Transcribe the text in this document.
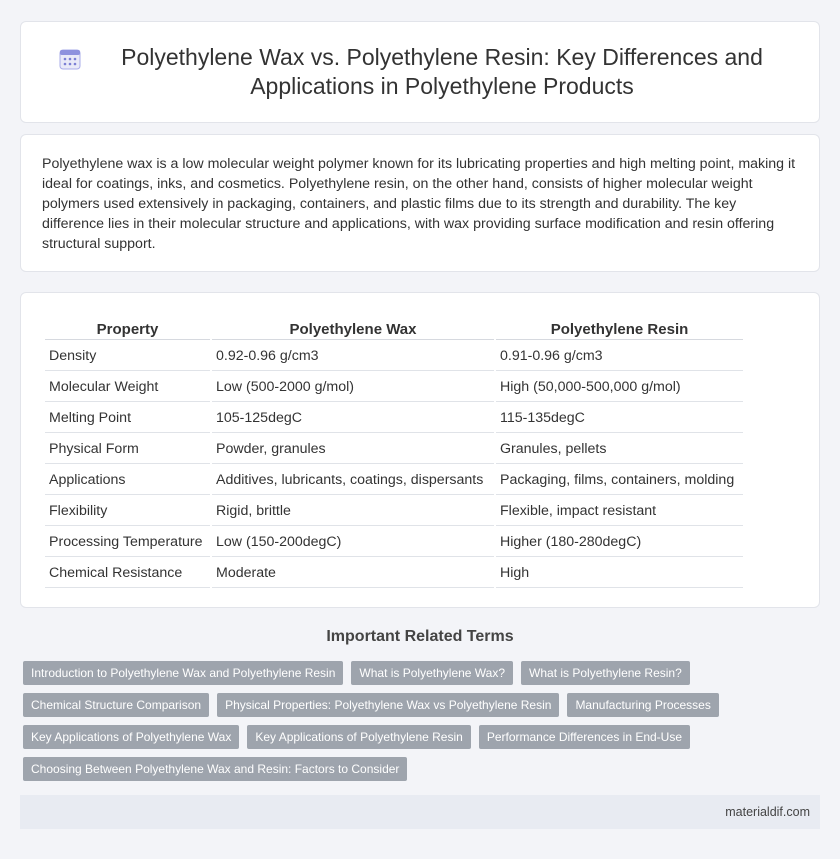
Polyethylene Wax vs. Polyethylene Resin: Key Differences and Applications in Polyethylene Products

Polyethylene wax is a low molecular weight polymer known for its lubricating properties and high melting point, making it ideal for coatings, inks, and cosmetics. Polyethylene resin, on the other hand, consists of higher molecular weight polymers used extensively in packaging, containers, and plastic films due to its strength and durability. The key difference lies in their molecular structure and applications, with wax providing surface modification and resin offering structural support.

Property	Polyethylene Wax	Polyethylene Resin
Density	0.92-0.96 g/cm3	0.91-0.96 g/cm3
Molecular Weight	Low (500-2000 g/mol)	High (50,000-500,000 g/mol)
Melting Point	105-125degC	115-135degC
Physical Form	Powder, granules	Granules, pellets
Applications	Additives, lubricants, coatings, dispersants	Packaging, films, containers, molding
Flexibility	Rigid, brittle	Flexible, impact resistant
Processing Temperature	Low (150-200degC)	Higher (180-280degC)
Chemical Resistance	Moderate	High
Important Related Terms
Introduction to Polyethylene Wax and Polyethylene Resin	What is Polyethylene Wax?	What is Polyethylene Resin?
Chemical Structure Comparison	Physical Properties: Polyethylene Wax vs Polyethylene Resin	Manufacturing Processes
Key Applications of Polyethylene Wax	Key Applications of Polyethylene Resin	Performance Differences in End-Use
Choosing Between Polyethylene Wax and Resin: Factors to Consider
materialdif.com
